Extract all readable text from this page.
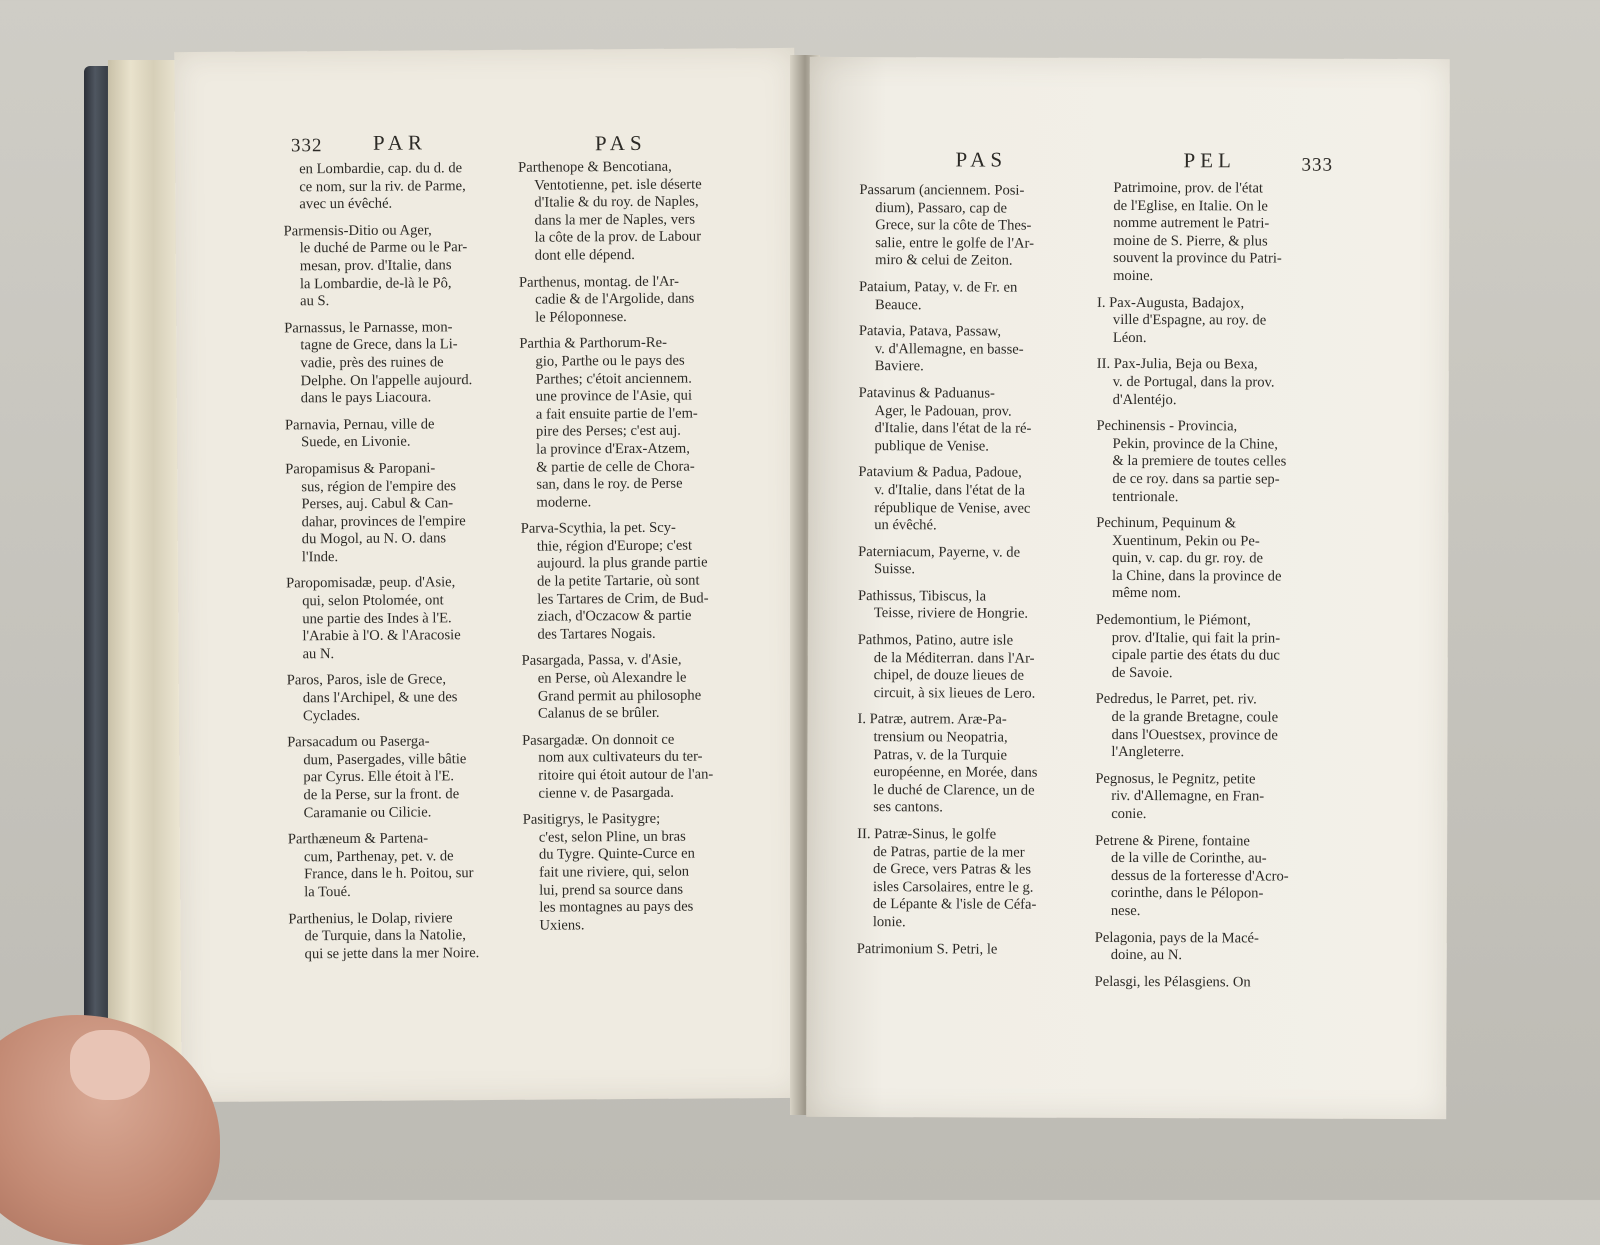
332 PAR	PAS

en Lombardie, cap. du d. de
ce nom, sur la riv. de Parme,
avec un évêché.

Parmensis-Ditio ou Ager,
le duché de Parme ou le Par-
mesan, prov. d'Italie, dans
la Lombardie, de-là le Pô,
au S.

Parnassus, le Parnasse, mon-
tagne de Grece, dans la Li-
vadie, près des ruines de
Delphe. On l'appelle aujourd.
dans le pays Liacoura.

Parnavia, Pernau, ville de
Suede, en Livonie.

Paropamisus & Paropani-
sus, région de l'empire des
Perses, auj. Cabul & Can-
dahar, provinces de l'empire
du Mogol, au N. O. dans
l'Inde.

Paropomisadæ, peup. d'Asie,
qui, selon Ptolomée, ont
une partie des Indes à l'E.
l'Arabie à l'O. & l'Aracosie
au N.

Paros, Paros, isle de Grece,
dans l'Archipel, & une des
Cyclades.

Parsacadum ou Paserga-
dum, Pasergades, ville bâtie
par Cyrus. Elle étoit à l'E.
de la Perse, sur la front. de
Caramanie ou Cilicie.

Parthæneum & Partena-
cum, Parthenay, pet. v. de
France, dans le h. Poitou, sur
la Toué.

Parthenius, le Dolap, riviere
de Turquie, dans la Natolie,
qui se jette dans la mer Noire.

Parthenope & Bencotiana,
Ventotienne, pet. isle déserte
d'Italie & du roy. de Naples,
dans la mer de Naples, vers
la côte de la prov. de Labour
dont elle dépend.

Parthenus, montag. de l'Ar-
cadie & de l'Argolide, dans
le Péloponnese.

Parthia & Parthorum-Re-
gio, Parthe ou le pays des
Parthes; c'étoit anciennem.
une province de l'Asie, qui
a fait ensuite partie de l'em-
pire des Perses; c'est auj.
la province d'Erax-Atzem,
& partie de celle de Chora-
san, dans le roy. de Perse
moderne.

Parva-Scythia, la pet. Scy-
thie, région d'Europe; c'est
aujourd. la plus grande partie
de la petite Tartarie, où sont
les Tartares de Crim, de Bud-
ziach, d'Oczacow & partie
des Tartares Nogais.

Pasargada, Passa, v. d'Asie,
en Perse, où Alexandre le
Grand permit au philosophe
Calanus de se brûler.

Pasargadæ. On donnoit ce
nom aux cultivateurs du ter-
ritoire qui étoit autour de l'an-
cienne v. de Pasargada.

Pasitigrys, le Pasitygre;
c'est, selon Pline, un bras
du Tygre. Quinte-Curce en
fait une riviere, qui, selon
lui, prend sa source dans
les montagnes au pays des
Uxiens.

PAS	PEL	333

Passarum (anciennem. Posi-
dium), Passaro, cap de
Grece, sur la côte de Thes-
salie, entre le golfe de l'Ar-
miro & celui de Zeiton.

Pataium, Patay, v. de Fr. en
Beauce.

Patavia, Patava, Passaw,
v. d'Allemagne, en basse-
Baviere.

Patavinus & Paduanus-
Ager, le Padouan, prov.
d'Italie, dans l'état de la ré-
publique de Venise.

Patavium & Padua, Padoue,
v. d'Italie, dans l'état de la
république de Venise, avec
un évêché.

Paterniacum, Payerne, v. de
Suisse.

Pathissus, Tibiscus, la
Teisse, riviere de Hongrie.

Pathmos, Patino, autre isle
de la Méditerran. dans l'Ar-
chipel, de douze lieues de
circuit, à six lieues de Lero.

I. Patræ, autrem. Aræ-Pa-
trensium ou Neopatria,
Patras, v. de la Turquie
européenne, en Morée, dans
le duché de Clarence, un de
ses cantons.

II. Patræ-Sinus, le golfe
de Patras, partie de la mer
de Grece, vers Patras & les
isles Carsolaires, entre le g.
de Lépante & l'isle de Céfa-
lonie.

Patrimonium S. Petri, le

Patrimoine, prov. de l'état
de l'Eglise, en Italie. On le
nomme autrement le Patri-
moine de S. Pierre, & plus
souvent la province du Patri-
moine.

I. Pax-Augusta, Badajox,
ville d'Espagne, au roy. de
Léon.

II. Pax-Julia, Beja ou Bexa,
v. de Portugal, dans la prov.
d'Alentéjo.

Pechinensis - Provincia,
Pekin, province de la Chine,
& la premiere de toutes celles
de ce roy. dans sa partie sep-
tentrionale.

Pechinum, Pequinum &
Xuentinum, Pekin ou Pe-
quin, v. cap. du gr. roy. de
la Chine, dans la province de
même nom.

Pedemontium, le Piémont,
prov. d'Italie, qui fait la prin-
cipale partie des états du duc
de Savoie.

Pedredus, le Parret, pet. riv.
de la grande Bretagne, coule
dans l'Ouestsex, province de
l'Angleterre.

Pegnosus, le Pegnitz, petite
riv. d'Allemagne, en Fran-
conie.

Petrene & Pirene, fontaine
de la ville de Corinthe, au-
dessus de la forteresse d'Acro-
corinthe, dans le Pélopon-
nese.

Pelagonia, pays de la Macé-
doine, au N.

Pelasgi, les Pélasgiens. On
